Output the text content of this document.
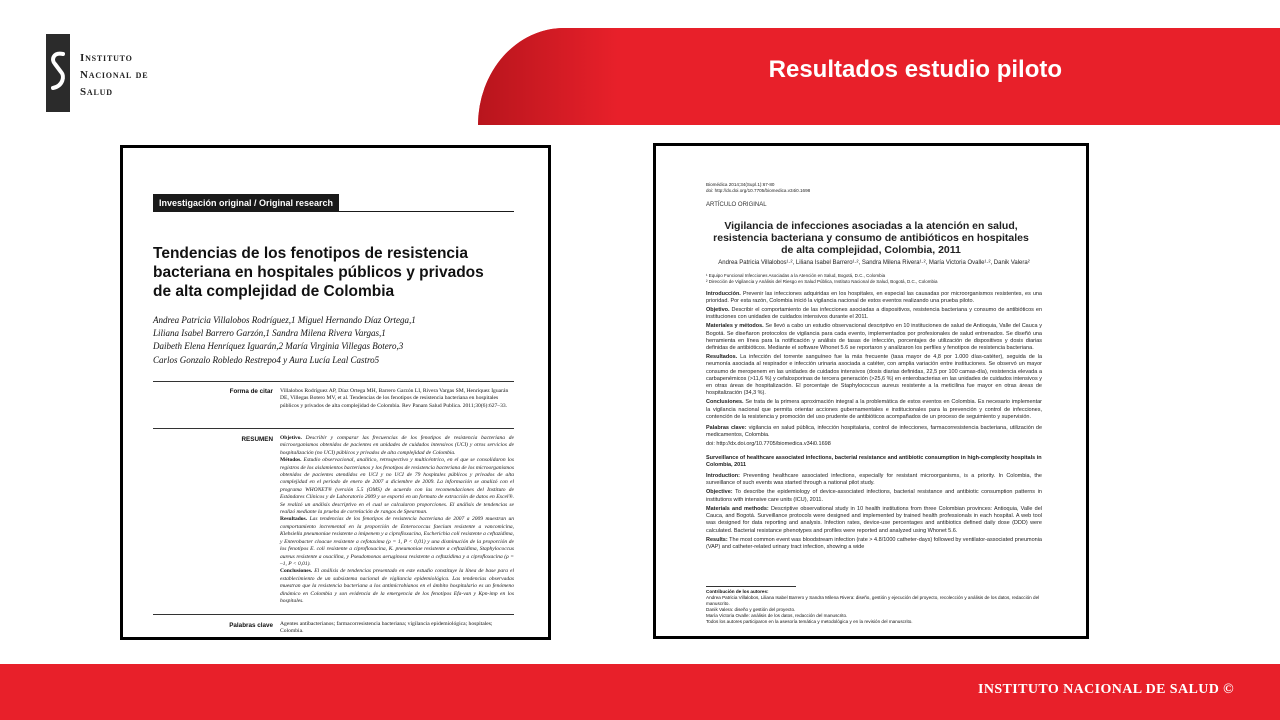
Instituto
Nacional de
Salud
Resultados estudio piloto
Investigación original / Original research
Tendencias de los fenotipos de resistencia bacteriana en hospitales públicos y privados de alta complejidad de Colombia
Andrea Patricia Villalobos Rodríguez,1 Miguel Hernando Díaz Ortega,1
Liliana Isabel Barrero Garzón,1 Sandra Milena Rivera Vargas,1
Daibeth Elena Henríquez Iguarán,2 María Virginia Villegas Botero,3
Carlos Gonzalo Robledo Restrepo4 y Aura Lucía Leal Castro5
Forma de citar Villalobos Rodríguez AP, Díaz Ortega MH, Barrero Garzón LI, Rivera Vargas SM, Henríquez Iguarán DE, Villegas Botero MV, et al. Tendencias de los fenotipos de resistencia bacteriana en hospitales públicos y privados de alta complejidad de Colombia. Rev Panam Salud Publica. 2011;30(6):627–33.
RESUMEN Objetivo. Describir y comparar las frecuencias de los fenotipos de resistencia bacteriana de microorganismos obtenidos de pacientes en unidades de cuidados intensivos (UCI) y otros servicios de hospitalización (no UCI) públicos y privados de alta complejidad de Colombia.
Métodos. Estudio observacional, analítico, retrospectivo y multicéntrico, en el que se consolidaron los registros de los aislamientos bacterianos y los fenotipos de resistencia bacteriana de los microorganismos obtenidos de pacientes atendidos en UCI y no UCI de 79 hospitales públicos y privados de alta complejidad en el periodo de enero de 2007 a diciembre de 2009. La información se analizó con el programa WHONET® (versión 5.5 (OMS) de acuerdo con las recomendaciones del Instituto de Estándares Clínicos y de Laboratorio 2009 y se exportó en un formato de extracción de datos en Excel®. Se realizó un análisis descriptivo en el cual se calcularon proporciones. El análisis de tendencias se realizó mediante la prueba de correlación de rangos de Spearman.
Resultados. Las tendencias de los fenotipos de resistencia bacteriana de 2007 a 2009 muestran un comportamiento incremental en la proporción de Enterococcus faecium resistente a vancomicina, Klebsiella pneumoniae resistente a imipenem y a ciprofloxacina, Escherichia coli resistente a ceftazidima, y Enterobacter cloacae resistente a cefotaxima (ρ = 1, P < 0,01) y una disminución de la proporción de los fenotipos E. coli resistente a ciprofloxacina, K. pneumoniae resistente a ceftazidima, Staphylococcus aureus resistente a oxacilina, y Pseudomonas aeruginosa resistente a ceftazidima y a ciprofloxacina (ρ = –1, P < 0,01).
Conclusiones. El análisis de tendencias presentado en este estudio constituye la línea de base para el establecimiento de un subsistema nacional de vigilancia epidemiológica. Las tendencias observadas muestran que la resistencia bacteriana a los antimicrobianos en el ámbito hospitalario es un fenómeno dinámico en Colombia y son evidencia de la emergencia de los fenotipos Efa-van y Kpn-imp en los hospitales.
Palabras clave Agentes antibacterianos; farmacorresistencia bacteriana; vigilancia epidemiológica; hospitales; Colombia.
Biomédica 2014;34(Supl.1):67-80
doi: http://dx.doi.org/10.7705/biomedica.v34i0.1698
ARTÍCULO ORIGINAL
Vigilancia de infecciones asociadas a la atención en salud, resistencia bacteriana y consumo de antibióticos en hospitales de alta complejidad, Colombia, 2011
Andrea Patricia Villalobos¹·², Liliana Isabel Barrero¹·², Sandra Milena Rivera¹·², María Victoria Ovalle¹·², Danik Valera²
¹ Equipo Funcional Infecciones Asociadas a la Atención en Salud, Bogotá, D.C., Colombia
² Dirección de Vigilancia y Análisis del Riesgo en Salud Pública, Instituto Nacional de Salud, Bogotá, D.C., Colombia
Introducción. Prevenir las infecciones adquiridas en los hospitales, en especial las causadas por microorganismos resistentes, es una prioridad. Por esta razón, Colombia inició la vigilancia nacional de estos eventos realizando una prueba piloto.
Objetivo. Describir el comportamiento de las infecciones asociadas a dispositivos, resistencia bacteriana y consumo de antibióticos en instituciones con unidades de cuidados intensivos durante el 2011.
Materiales y métodos. Se llevó a cabo un estudio observacional descriptivo en 10 instituciones de salud de Antioquia, Valle del Cauca y Bogotá. Se diseñaron protocolos de vigilancia para cada evento, implementados por profesionales de salud entrenados. Se diseñó una herramienta en línea para la notificación y análisis de tasas de infección, porcentajes de utilización de dispositivos y dosis diarias definidas de antibióticos. Mediante el software Whonet 5.6 se reportaron y analizaron los perfiles y fenotipos de resistencia bacteriana.
Resultados. La infección del torrente sanguíneo fue la más frecuente (tasa mayor de 4,8 por 1.000 días-catéter), seguida de la neumonía asociada al respirador e infección urinaria asociada a catéter, con amplia variación entre instituciones. Se observó un mayor consumo de meropenem en las unidades de cuidados intensivos (dosis diarias definidas, 22,5 por 100 camas-día), resistencia elevada a carbapenémicos (>11,6 %) y cefalosporinas de tercera generación (>25,6 %) en enterobacterias en las unidades de cuidados intensivos y en otras áreas de hospitalización. El porcentaje de Staphylococcus aureus resistente a la meticilina fue mayor en otras áreas de hospitalización (34,3 %).
Conclusiones. Se trata de la primera aproximación integral a la problemática de estos eventos en Colombia. Es necesario implementar la vigilancia nacional que permita orientar acciones gubernamentales e institucionales para la prevención y control de infecciones, contención de la resistencia y promoción del uso prudente de antibióticos acompañados de un proceso de seguimiento y supervisión.
Palabras clave: vigilancia en salud pública, infección hospitalaria, control de infecciones, farmacorresistencia bacteriana, utilización de medicamentos, Colombia.
doi: http://dx.doi.org/10.7705/biomedica.v34i0.1698
Surveillance of healthcare associated infections, bacterial resistance and antibiotic consumption in high-complexity hospitals in Colombia, 2011
Introduction: Preventing healthcare associated infections, especially for resistant microorganisms, is a priority. In Colombia, the surveillance of such events was started through a national pilot study.
Objective: To describe the epidemiology of device-associated infections, bacterial resistance and antibiotic consumption patterns in institutions with intensive care units (ICU), 2011.
Materials and methods: Descriptive observational study in 10 health institutions from three Colombian provinces: Antioquia, Valle del Cauca, and Bogotá. Surveillance protocols were designed and implemented by trained health professionals in each hospital. A web tool was designed for data reporting and analysis. Infection rates, device-use percentages and antibiotics defined daily dose (DDD) were calculated. Bacterial resistance phenotypes and profiles were reported and analyzed using Whonet 5.6.
Results: The most common event was bloodstream infection (rate > 4.8/1000 catheter-days) followed by ventilator-associated pneumonia (VAP) and catheter-related urinary tract infection, showing a wide
Contribución de los autores:
Andrea Patricia Villalobos, Liliana Isabel Barrero y Sandra Milena Rivera: diseño, gestión y ejecución del proyecto, recolección y análisis de los datos, redacción del manuscrito.
Danik Valera: diseño y gestión del proyecto.
María Victoria Ovalle: análisis de los datos, redacción del manuscrito.
Todos los autores participaron en la asesoría temática y metodológica y en la revisión del manuscrito.
INSTITUTO NACIONAL DE SALUD ©
